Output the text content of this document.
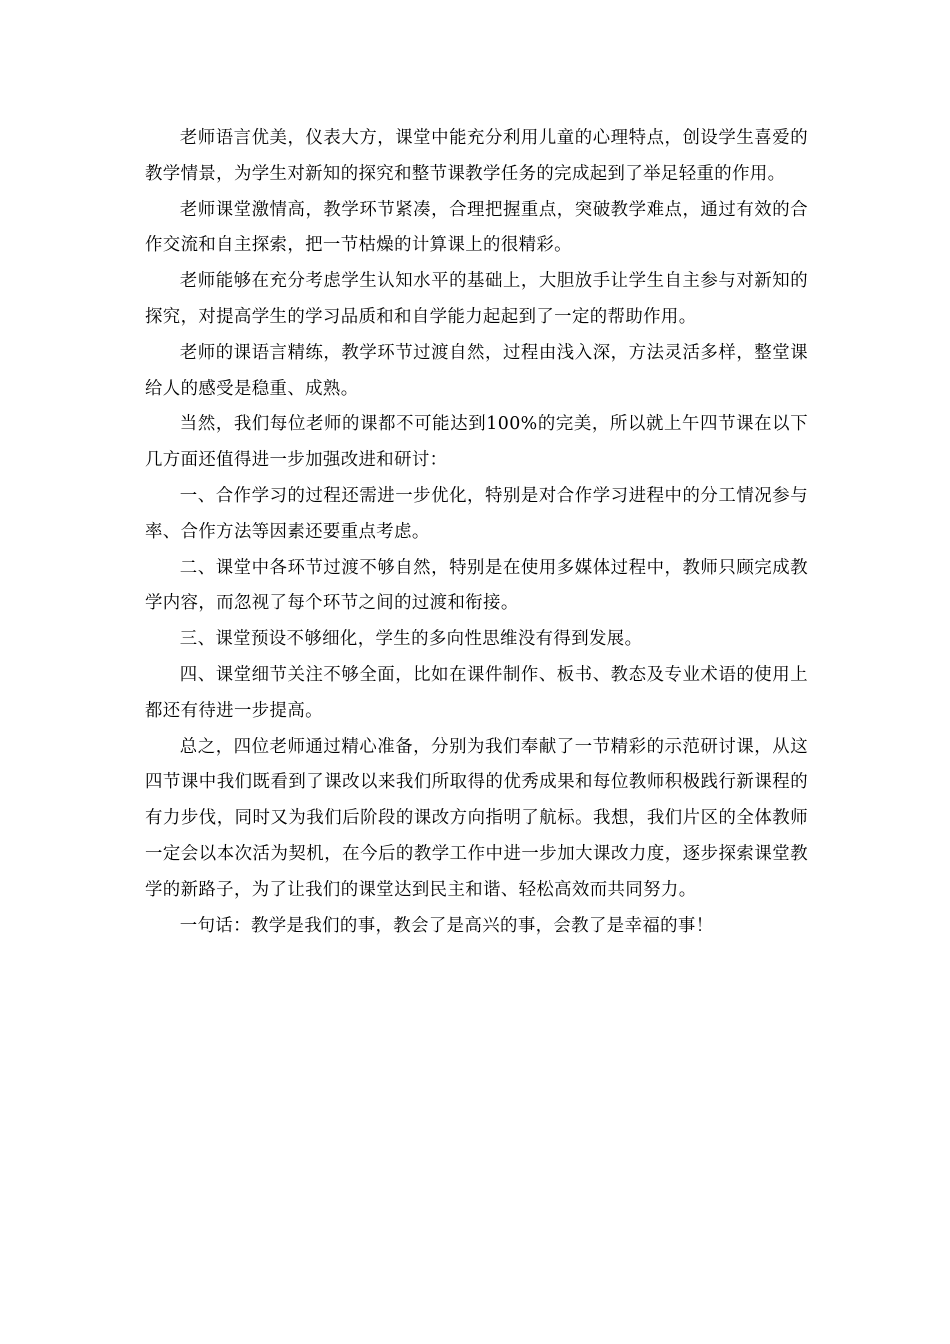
老师语言优美，仪表大方，课堂中能充分利用儿童的心理特点，创设学生喜爱的教学情景，为学生对新知的探究和整节课教学任务的完成起到了举足轻重的作用。

老师课堂激情高，教学环节紧凑，合理把握重点，突破教学难点，通过有效的合作交流和自主探索，把一节枯燥的计算课上的很精彩。

老师能够在充分考虑学生认知水平的基础上，大胆放手让学生自主参与对新知的探究，对提高学生的学习品质和和自学能力起起到了一定的帮助作用。

老师的课语言精练，教学环节过渡自然，过程由浅入深，方法灵活多样，整堂课给人的感受是稳重、成熟。

当然，我们每位老师的课都不可能达到100%的完美，所以就上午四节课在以下几方面还值得进一步加强改进和研讨：

一、合作学习的过程还需进一步优化，特别是对合作学习进程中的分工情况参与率、合作方法等因素还要重点考虑。

二、课堂中各环节过渡不够自然，特别是在使用多媒体过程中，教师只顾完成教学内容，而忽视了每个环节之间的过渡和衔接。

三、课堂预设不够细化，学生的多向性思维没有得到发展。

四、课堂细节关注不够全面，比如在课件制作、板书、教态及专业术语的使用上都还有待进一步提高。

总之，四位老师通过精心准备，分别为我们奉献了一节精彩的示范研讨课，从这四节课中我们既看到了课改以来我们所取得的优秀成果和每位教师积极践行新课程的有力步伐，同时又为我们后阶段的课改方向指明了航标。我想，我们片区的全体教师一定会以本次活为契机，在今后的教学工作中进一步加大课改力度，逐步探索课堂教学的新路子，为了让我们的课堂达到民主和谐、轻松高效而共同努力。

一句话：教学是我们的事，教会了是高兴的事，会教了是幸福的事！
